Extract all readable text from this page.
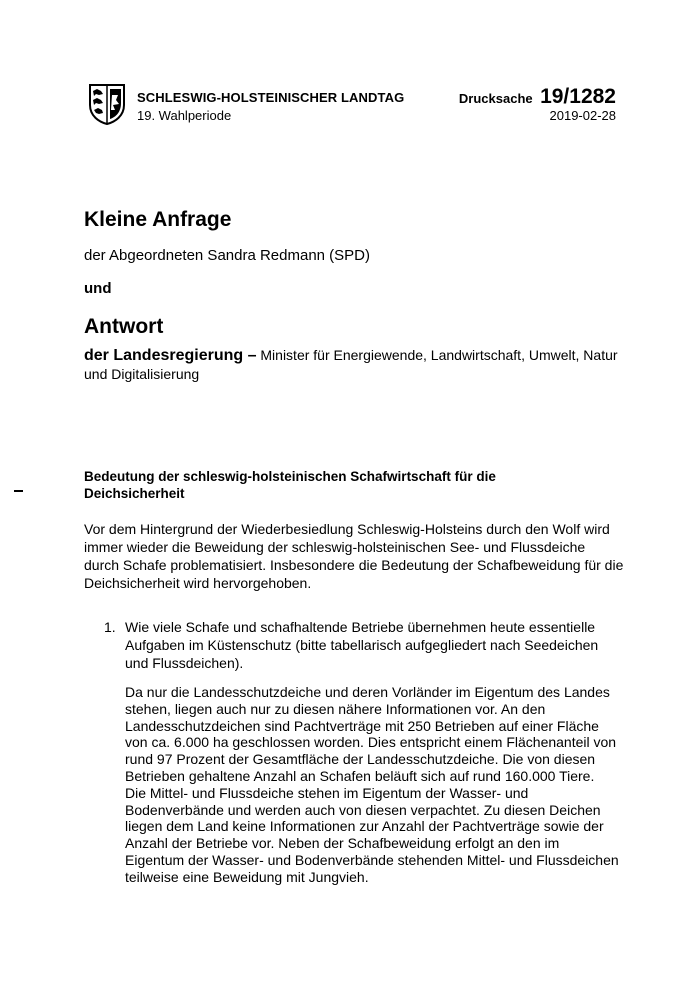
SCHLESWIG-HOLSTEINISCHER LANDTAG
19. Wahlperiode
Drucksache 19/1282
2019-02-28
Kleine Anfrage
der Abgeordneten Sandra Redmann (SPD)
und
Antwort
der Landesregierung – Minister für Energiewende, Landwirtschaft, Umwelt, Natur und Digitalisierung
Bedeutung der schleswig-holsteinischen Schafwirtschaft für die Deichsicherheit
Vor dem Hintergrund der Wiederbesiedlung Schleswig-Holsteins durch den Wolf wird immer wieder die Beweidung der schleswig-holsteinischen See- und Flussdeiche durch Schafe problematisiert. Insbesondere die Bedeutung der Schafbeweidung für die Deichsicherheit wird hervorgehoben.
1. Wie viele Schafe und schafhaltende Betriebe übernehmen heute essentielle Aufgaben im Küstenschutz (bitte tabellarisch aufgegliedert nach Seedeichen und Flussdeichen).

Da nur die Landesschutzdeiche und deren Vorländer im Eigentum des Landes stehen, liegen auch nur zu diesen nähere Informationen vor. An den Landesschutzdeichen sind Pachtverträge mit 250 Betrieben auf einer Fläche von ca. 6.000 ha geschlossen worden. Dies entspricht einem Flächenanteil von rund 97 Prozent der Gesamtfläche der Landesschutzdeiche. Die von diesen Betrieben gehaltene Anzahl an Schafen beläuft sich auf rund 160.000 Tiere.

Die Mittel- und Flussdeiche stehen im Eigentum der Wasser- und Bodenverbände und werden auch von diesen verpachtet. Zu diesen Deichen liegen dem Land keine Informationen zur Anzahl der Pachtverträge sowie der Anzahl der Betriebe vor. Neben der Schafbeweidung erfolgt an den im Eigentum der Wasser- und Bodenverbände stehenden Mittel- und Flussdeichen teilweise eine Beweidung mit Jungvieh.
